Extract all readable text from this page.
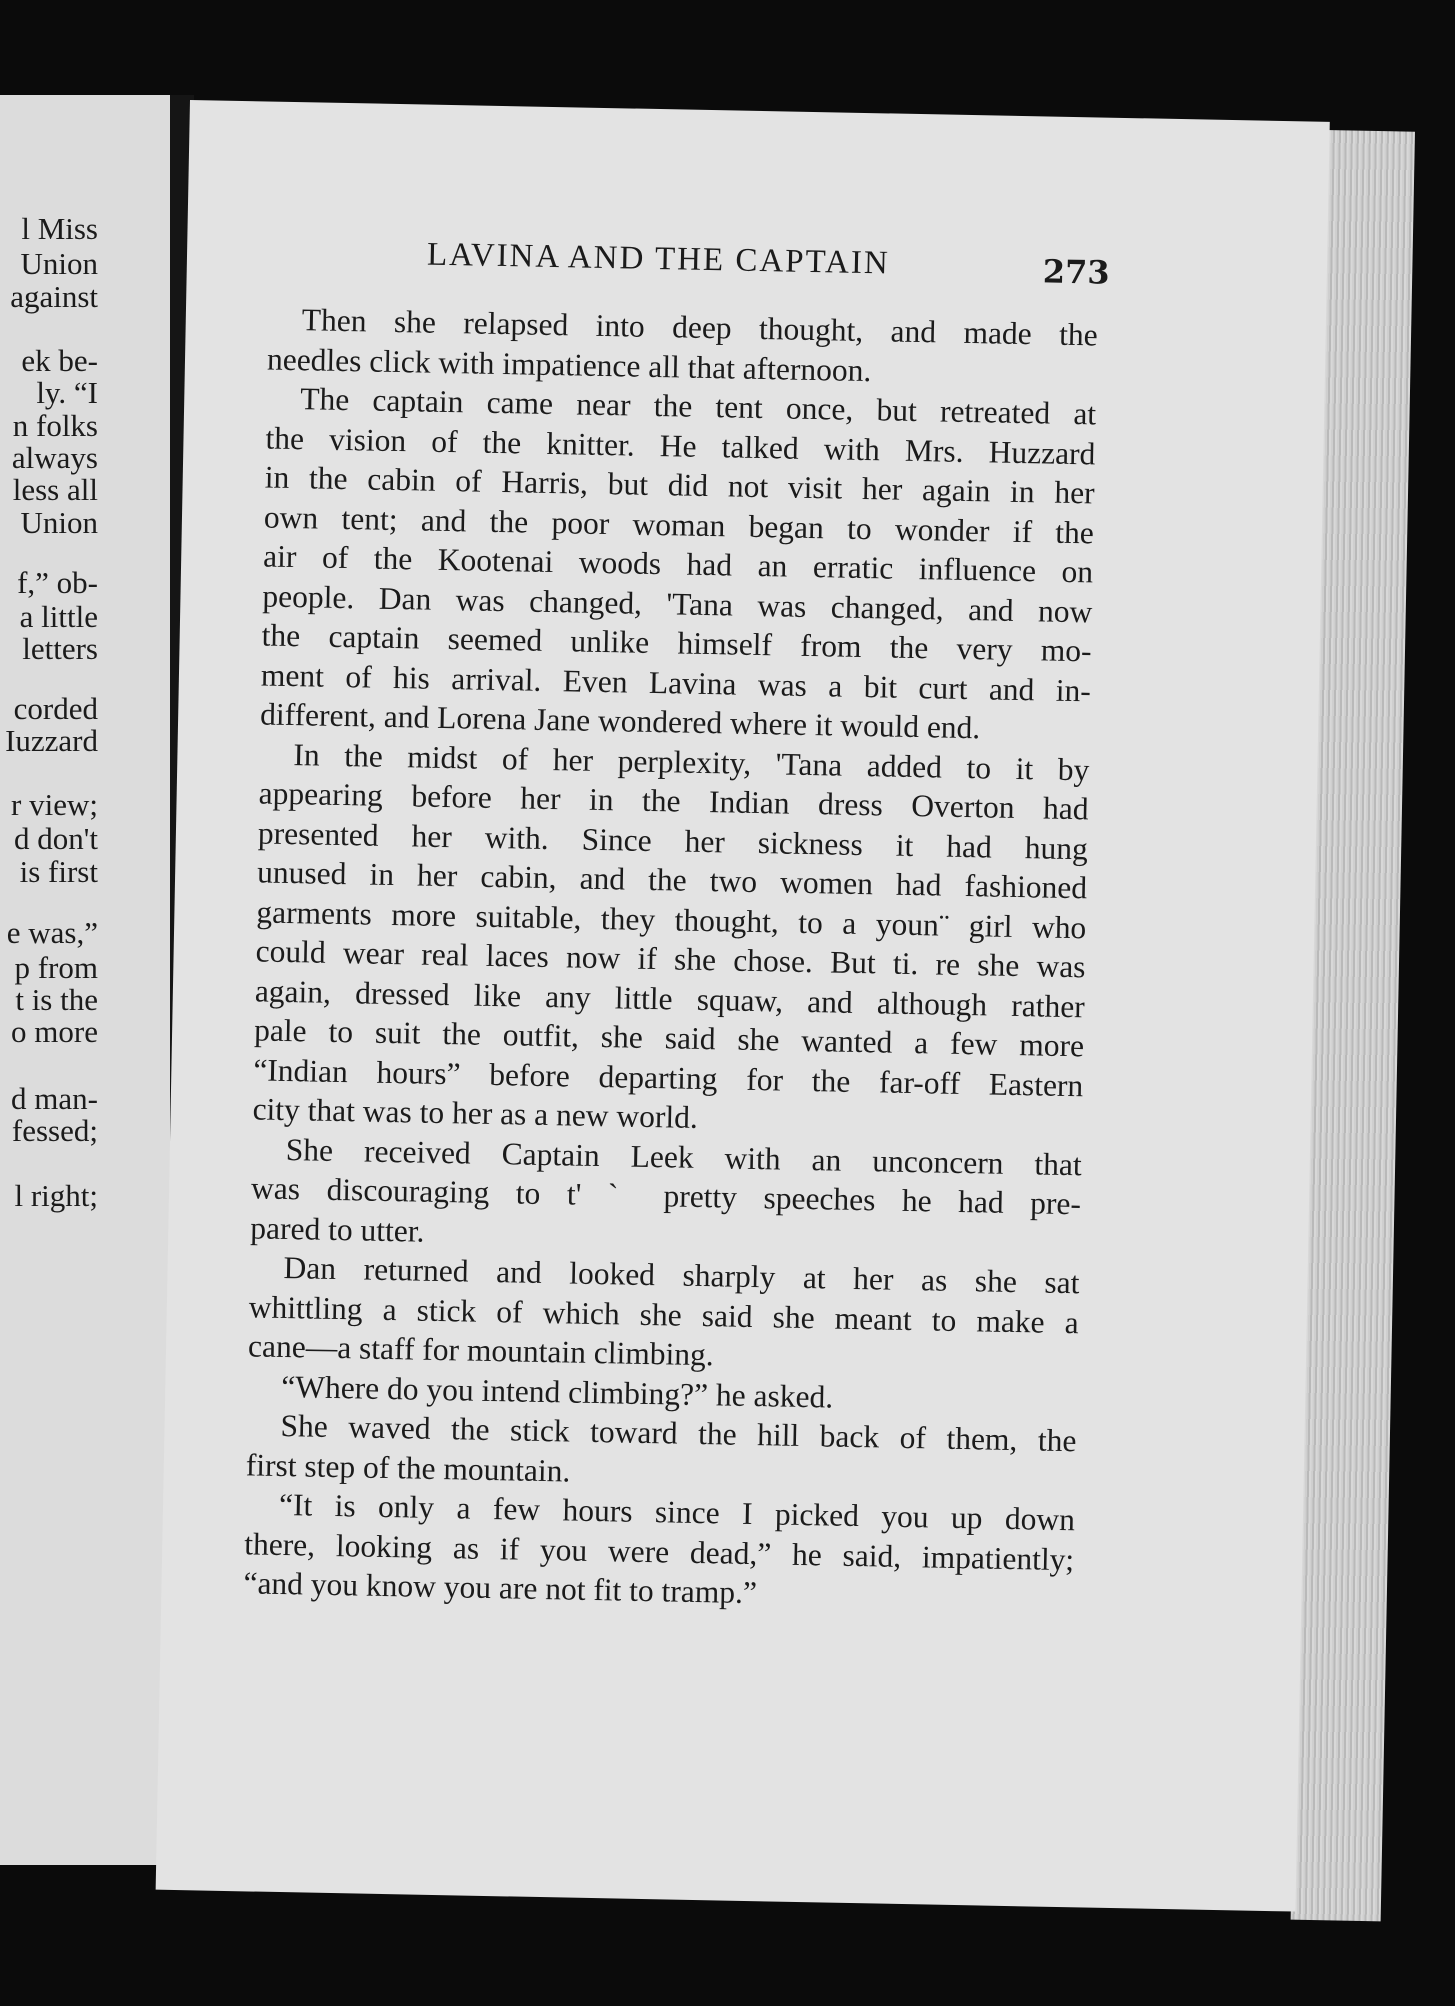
l Miss
Union
against
ek be-
ly. “I
n folks
always
less all
Union
f,” ob-
a little
letters
corded
Iuzzard
r view;
d don't
is first
e was,”
p from
t is the
o more
d man-
fessed;
l right;
LAVINA AND THE CAPTAIN	273
Then she relapsed into deep thought, and made the
needles click with impatience all that afternoon.
The captain came near the tent once, but retreated at
the vision of the knitter. He talked with Mrs. Huzzard
in the cabin of Harris, but did not visit her again in her
own tent; and the poor woman began to wonder if the
air of the Kootenai woods had an erratic influence on
people. Dan was changed, 'Tana was changed, and now
the captain seemed unlike himself from the very mo-
ment of his arrival. Even Lavina was a bit curt and in-
different, and Lorena Jane wondered where it would end.
In the midst of her perplexity, 'Tana added to it by
appearing before her in the Indian dress Overton had
presented her with. Since her sickness it had hung
unused in her cabin, and the two women had fashioned
garments more suitable, they thought, to a youn¨ girl who
could wear real laces now if she chose. But ti. re she was
again, dressed like any little squaw, and although rather
pale to suit the outfit, she said she wanted a few more
“Indian hours” before departing for the far-off Eastern
city that was to her as a new world.
She received Captain Leek with an unconcern that
was discouraging to t' ˋ pretty speeches he had pre-
pared to utter.
Dan returned and looked sharply at her as she sat
whittling a stick of which she said she meant to make a
cane—a staff for mountain climbing.
“Where do you intend climbing?” he asked.
She waved the stick toward the hill back of them, the
first step of the mountain.
“It is only a few hours since I picked you up down
there, looking as if you were dead,” he said, impatiently;
“and you know you are not fit to tramp.”
